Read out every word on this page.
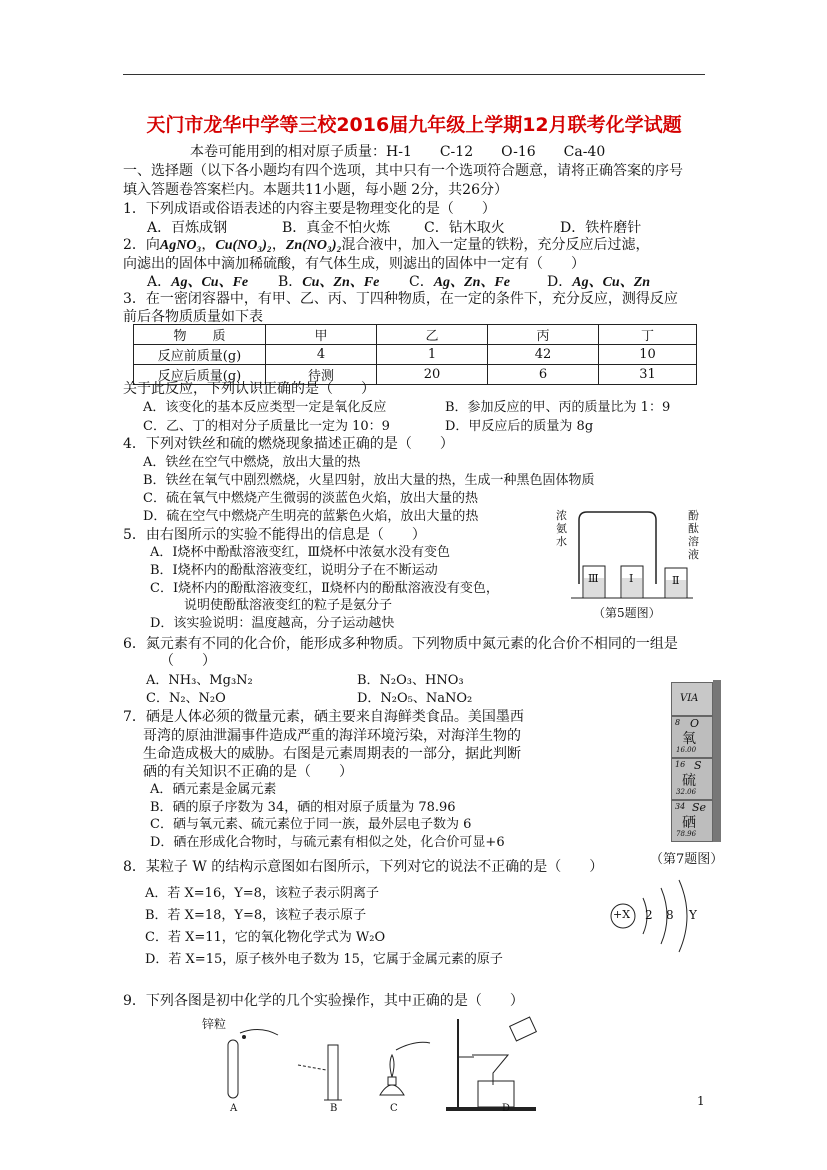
天门市龙华中学等三校2016届九年级上学期12月联考化学试题
本卷可能用到的相对原子质量：H-1　　C-12　　O-16　　Ca-40
一、选择题（以下各小题均有四个选项，其中只有一个选项符合题意，请将正确答案的序号
填入答题卷答案栏内。本题共11小题，每小题 2分，共26分）
1．下列成语或俗语表述的内容主要是物理变化的是（　　）
A．百炼成钢	B．真金不怕火炼 C．钻木取火	D．铁杵磨针
2．向AgNO₃，Cu(NO₃)₂，Zn(NO₃)₂混合液中，加入一定量的铁粉，充分反应后过滤，
向滤出的固体中滴加稀硫酸，有气体生成，则滤出的固体中一定有（　　）
A．Ag、Cu、Fe B．Cu、Zn、Fe C．Ag、Zn、Fe	D．Ag、Cu、Zn
3．在一密闭容器中，有甲、乙、丙、丁四种物质，在一定的条件下，充分反应，测得反应
前后各物质质量如下表
物　　质	甲	乙	丙	丁
反应前质量(g)	4	1	42	10
反应后质量(g)	待测	20	6	31
关于此反应，下列认识正确的是（　　）
A．该变化的基本反应类型一定是氧化反应	B．参加反应的甲、丙的质量比为 1：9
C．乙、丁的相对分子质量比一定为 10：9	D．甲反应后的质量为 8g
4．下列对铁丝和硫的燃烧现象描述正确的是（　　）
A．铁丝在空气中燃烧，放出大量的热
B．铁丝在氧气中剧烈燃烧，火星四射，放出大量的热，生成一种黑色固体物质
C．硫在氧气中燃烧产生微弱的淡蓝色火焰，放出大量的热
D．硫在空气中燃烧产生明亮的蓝紫色火焰，放出大量的热
5．由右图所示的实验不能得出的信息是（　　）
A．Ⅰ烧杯中酚酞溶液变红，Ⅲ烧杯中浓氨水没有变色
B．Ⅰ烧杯内的酚酞溶液变红，说明分子在不断运动
C．Ⅰ烧杯内的酚酞溶液变红，Ⅱ烧杯内的酚酞溶液没有变色，
说明使酚酞溶液变红的粒子是氨分子
D．该实验说明：温度越高，分子运动越快
浓氨水
酚酞溶液
Ⅲ	Ⅰ	Ⅱ
（第5题图）
6．氮元素有不同的化合价，能形成多种物质。下列物质中氮元素的化合价不相同的一组是
（　　）
A．NH₃、Mg₃N₂	B．N₂O₃、HNO₃
C．N₂、N₂O	D．N₂O₅、NaNO₂
7．硒是人体必须的微量元素，硒主要来自海鲜类食品。美国墨西
哥湾的原油泄漏事件造成严重的海洋环境污染，对海洋生物的
生命造成极大的威胁。右图是元素周期表的一部分，据此判断
硒的有关知识不正确的是（　　）
A．硒元素是金属元素
B．硒的原子序数为 34，硒的相对原子质量为 78.96
C．硒与氧元素、硫元素位于同一族，最外层电子数为 6
D．硒在形成化合物时，与硫元素有相似之处，化合价可显+6
VIA
8 O
氧
16.00
16 S
硫
32.06
34 Se
硒
78.96
（第7题图）
8．某粒子 W 的结构示意图如右图所示，下列对它的说法不正确的是（　　）
A．若 X=16，Y=8，该粒子表示阴离子
B．若 X=18，Y=8，该粒子表示原子
C．若 X=11，它的氧化物化学式为 W₂O
D．若 X=15，原子核外电子数为 15，它属于金属元素的原子
+X 2 8 Y
9．下列各图是初中化学的几个实验操作，其中正确的是（　　）
锌粒
A	B	C	D
1
